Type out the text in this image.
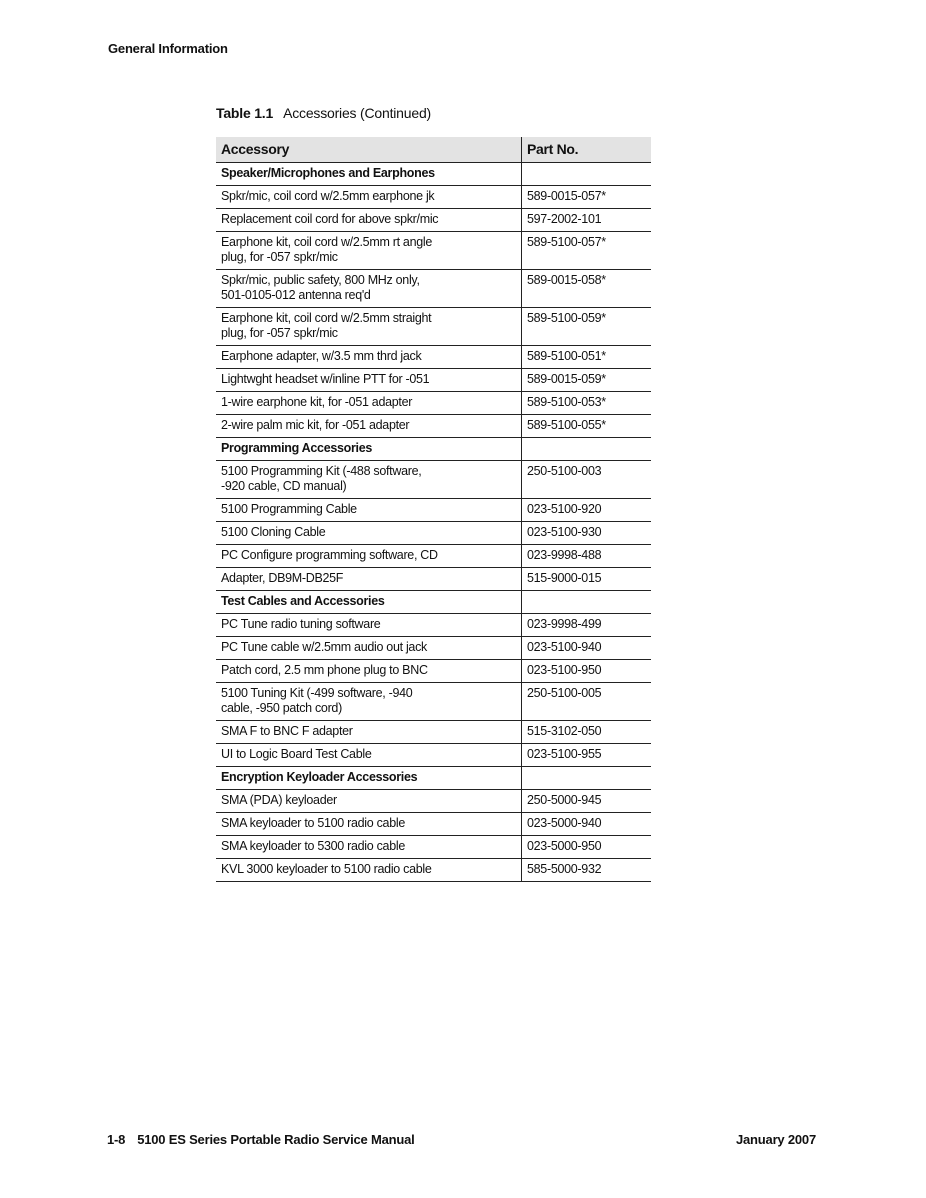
General Information
Table 1.1 Accessories (Continued)
Accessory	Part No.
Speaker/Microphones and Earphones	
Spkr/mic, coil cord w/2.5mm earphone jk	589-0015-057*
Replacement coil cord for above spkr/mic	597-2002-101
Earphone kit, coil cord w/2.5mm rt angle
plug, for -057 spkr/mic	589-5100-057*
Spkr/mic, public safety, 800 MHz only,
501-0105-012 antenna req'd	589-0015-058*
Earphone kit, coil cord w/2.5mm straight
plug, for -057 spkr/mic	589-5100-059*
Earphone adapter, w/3.5 mm thrd jack	589-5100-051*
Lightwght headset w/inline PTT for -051	589-0015-059*
1-wire earphone kit, for -051 adapter	589-5100-053*
2-wire palm mic kit, for -051 adapter	589-5100-055*
Programming Accessories	
5100 Programming Kit (-488 software,
-920 cable, CD manual)	250-5100-003
5100 Programming Cable	023-5100-920
5100 Cloning Cable	023-5100-930
PC Configure programming software, CD	023-9998-488
Adapter, DB9M-DB25F	515-9000-015
Test Cables and Accessories	
PC Tune radio tuning software	023-9998-499
PC Tune cable w/2.5mm audio out jack	023-5100-940
Patch cord, 2.5 mm phone plug to BNC	023-5100-950
5100 Tuning Kit (-499 software, -940
cable, -950 patch cord)	250-5100-005
SMA F to BNC F adapter	515-3102-050
UI to Logic Board Test Cable	023-5100-955
Encryption Keyloader Accessories	
SMA (PDA) keyloader	250-5000-945
SMA keyloader to 5100 radio cable	023-5000-940
SMA keyloader to 5300 radio cable	023-5000-950
KVL 3000 keyloader to 5100 radio cable	585-5000-932
1-8 5100 ES Series Portable Radio Service Manual	January 2007
